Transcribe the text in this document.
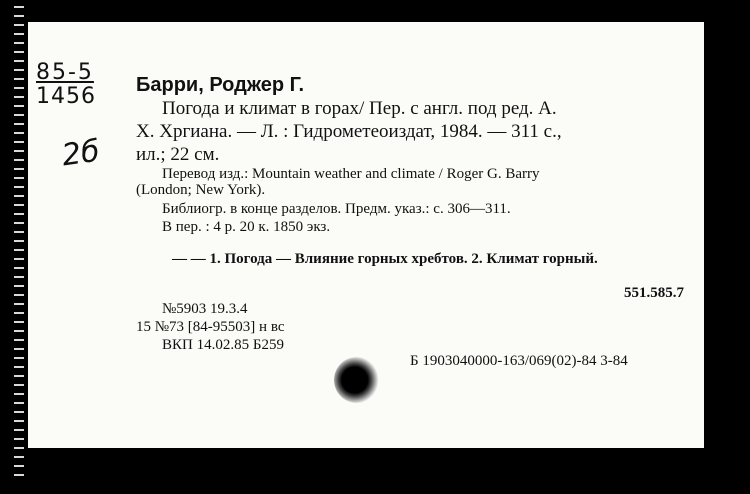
85-5
1456
2б
Барри, Роджер Г.
Погода и климат в горах/ Пер. с англ. под ред. А.
Х. Хргиана. — Л. : Гидрометеоиздат, 1984. — 311 с.,
ил.; 22 см.
Перевод изд.: Mountain weather and climate / Roger G. Barry
(London; New York).
Библиогр. в конце разделов. Предм. указ.: с. 306—311.
В пер. : 4 р. 20 к. 1850 экз.
— — 1. Погода — Влияние горных хребтов. 2. Климат горный.
551.585.7
№5903 19.3.4
15 №73 [84-95503] н вс
ВКП 14.02.85 Б259
Б 1903040000-163/069(02)-84 3-84
